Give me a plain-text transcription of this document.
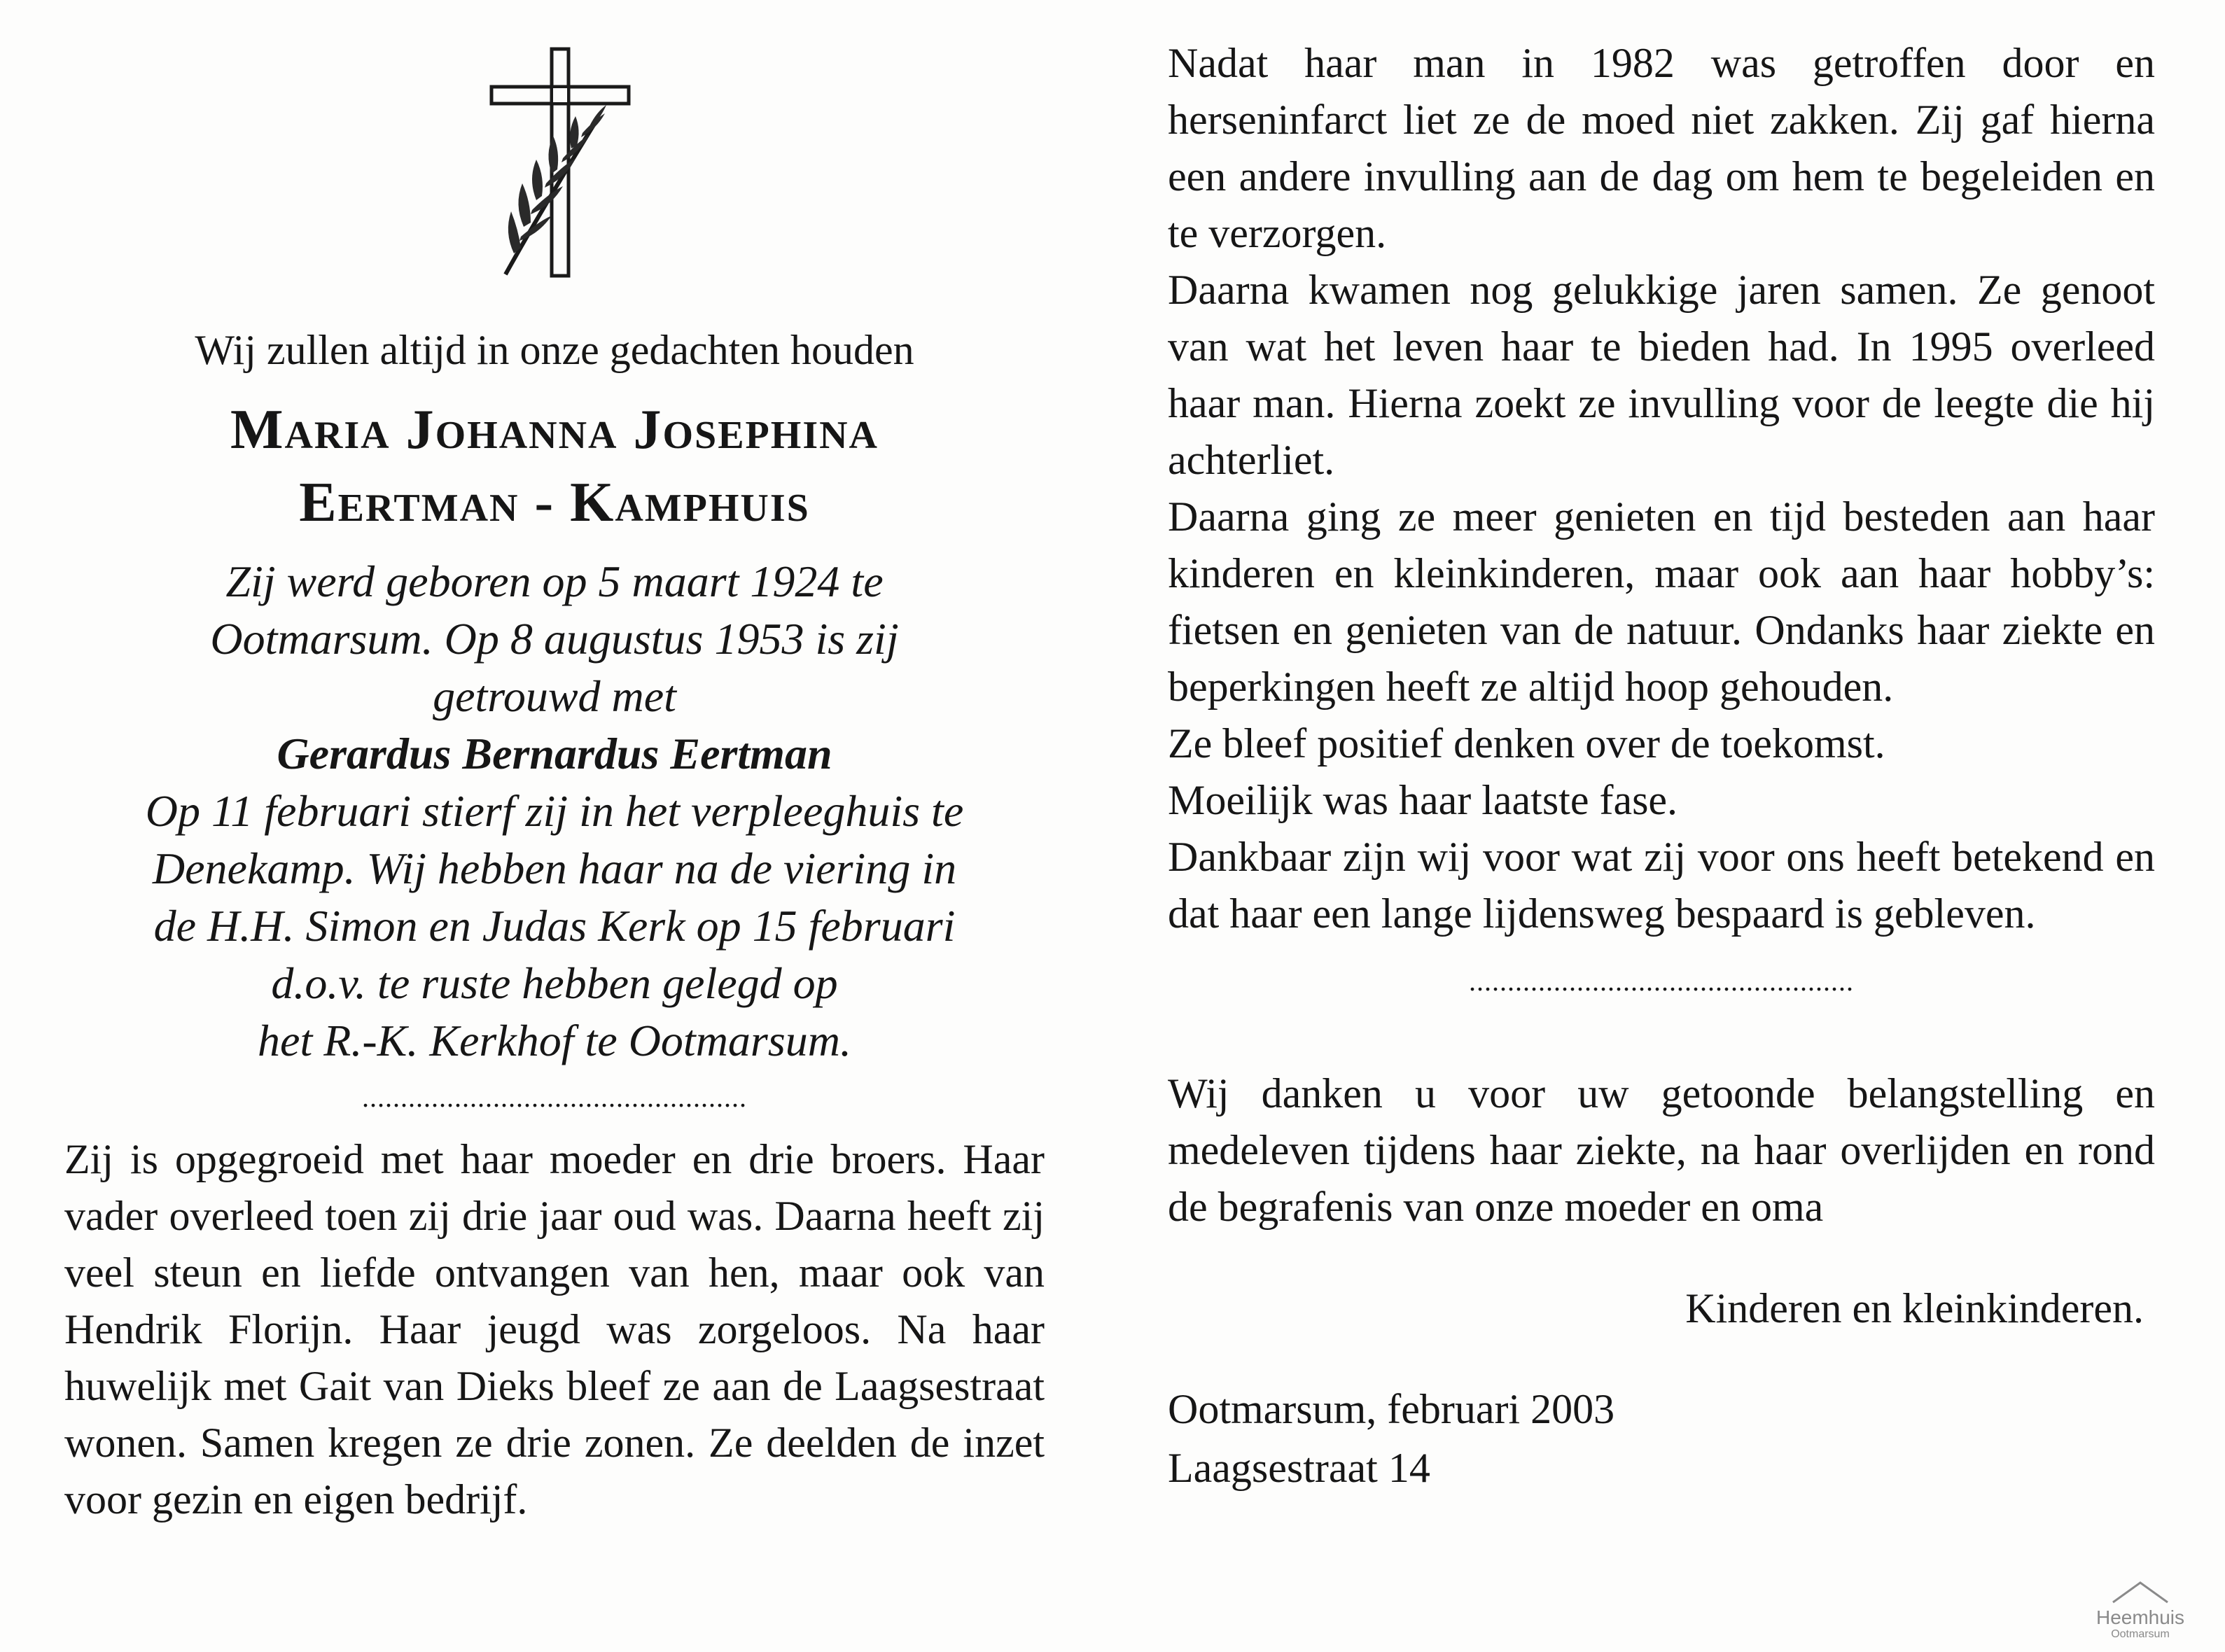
Wij zullen altijd in onze gedachten houden
Maria Johanna Josephina
Eertman - Kamphuis
Zij werd geboren op 5 maart 1924 te
Ootmarsum. Op 8 augustus 1953 is zij
getrouwd met
Gerardus Bernardus Eertman
Op 11 februari stierf zij in het verpleeghuis te
Denekamp. Wij hebben haar na de viering in
de H.H. Simon en Judas Kerk op 15 februari
d.o.v. te ruste hebben gelegd op
het R.-K. Kerkhof te Ootmarsum.
..................................................

Zij is opgegroeid met haar moeder en drie broers. Haar vader overleed toen zij drie jaar oud was. Daarna heeft zij veel steun en liefde ontvangen van hen, maar ook van Hendrik Florijn. Haar jeugd was zorgeloos. Na haar huwelijk met Gait van Dieks bleef ze aan de Laagsestraat wonen. Samen kregen ze drie zonen. Ze deelden de inzet voor gezin en eigen bedrijf.

Nadat haar man in 1982 was getroffen door en herseninfarct liet ze de moed niet zakken. Zij gaf hierna een andere invulling aan de dag om hem te begeleiden en te verzorgen.

Daarna kwamen nog gelukkige jaren samen. Ze genoot van wat het leven haar te bieden had. In 1995 overleed haar man. Hierna zoekt ze invulling voor de leegte die hij achterliet.

Daarna ging ze meer genieten en tijd besteden aan haar kinderen en kleinkinderen, maar ook aan haar hobby’s: fietsen en genieten van de natuur. Ondanks haar ziekte en beperkingen heeft ze altijd hoop gehouden.

Ze bleef positief denken over de toekomst.

Moeilijk was haar laatste fase.

Dankbaar zijn wij voor wat zij voor ons heeft betekend en dat haar een lange lijdensweg bespaard is gebleven.

..................................................

Wij danken u voor uw getoonde belangstelling en medeleven tijdens haar ziekte, na haar overlijden en rond de begrafenis van onze moeder en oma

Kinderen en kleinkinderen.
Ootmarsum, februari 2003
Laagsestraat 14
Heemhuis
Ootmarsum
